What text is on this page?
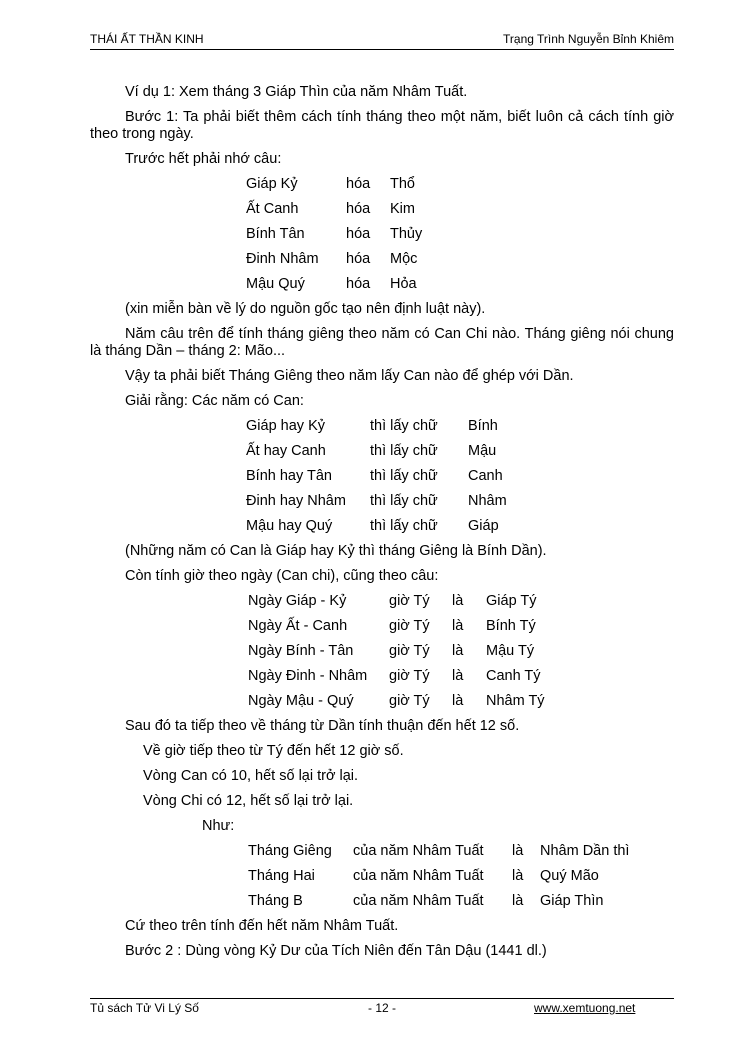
THÁI ẤT THẦN KINH	Trạng Trình Nguyễn Bỉnh Khiêm
Ví dụ 1: Xem tháng 3 Giáp Thìn của năm Nhâm Tuất.
Bước 1: Ta phải biết thêm cách tính tháng theo một năm, biết luôn cả cách tính giờ theo trong ngày.
Trước hết phải nhớ câu:
Giáp Kỷ	hóa	Thổ
Ất Canh	hóa	Kim
Bính Tân	hóa	Thủy
Đinh Nhâm	hóa	Mộc
Mậu Quý	hóa	Hỏa
(xin miễn bàn về lý do nguồn gốc tạo nên định luật này).
Năm câu trên để tính tháng giêng theo năm có Can Chi nào. Tháng giêng nói chung là tháng Dần – tháng 2: Mão...
Vậy ta phải biết Tháng Giêng theo năm lấy Can nào để ghép với Dần.
Giải rằng: Các năm có Can:
Giáp hay Kỷ	thì lấy chữ	Bính
Ất hay Canh	thì lấy chữ	Mậu
Bính hay Tân	thì lấy chữ	Canh
Đinh hay Nhâm	thì lấy chữ	Nhâm
Mậu hay Quý	thì lấy chữ	Giáp
(Những năm có Can là Giáp hay Kỷ thì tháng Giêng là Bính Dần).
Còn tính giờ theo ngày (Can chi), cũng theo câu:
Ngày Giáp - Kỷ	giờ Tý	là	Giáp Tý
Ngày Ất - Canh	giờ Tý	là	Bính Tý
Ngày Bính - Tân	giờ Tý	là	Mậu Tý
Ngày Đinh - Nhâm	giờ Tý	là	Canh Tý
Ngày Mậu - Quý	giờ Tý	là	Nhâm Tý
Sau đó ta tiếp theo về tháng từ Dần tính thuận đến hết 12 số.
Về giờ tiếp theo từ Tý đến hết 12 giờ số.
Vòng Can có 10, hết số lại trở lại.
Vòng Chi có 12, hết số lại trở lại.
Như:
Tháng Giêng	của năm Nhâm Tuất	là	Nhâm Dần thì
Tháng Hai	của năm Nhâm Tuất	là	Quý Mão
Tháng B	của năm Nhâm Tuất	là	Giáp Thìn
Cứ theo trên tính đến hết năm Nhâm Tuất.
Bước 2 : Dùng vòng Kỷ Dư của Tích Niên đến Tân Dậu (1441 dl.)
Tủ sách Tử Vi Lý Số	- 12 -	www.xemtuong.net
